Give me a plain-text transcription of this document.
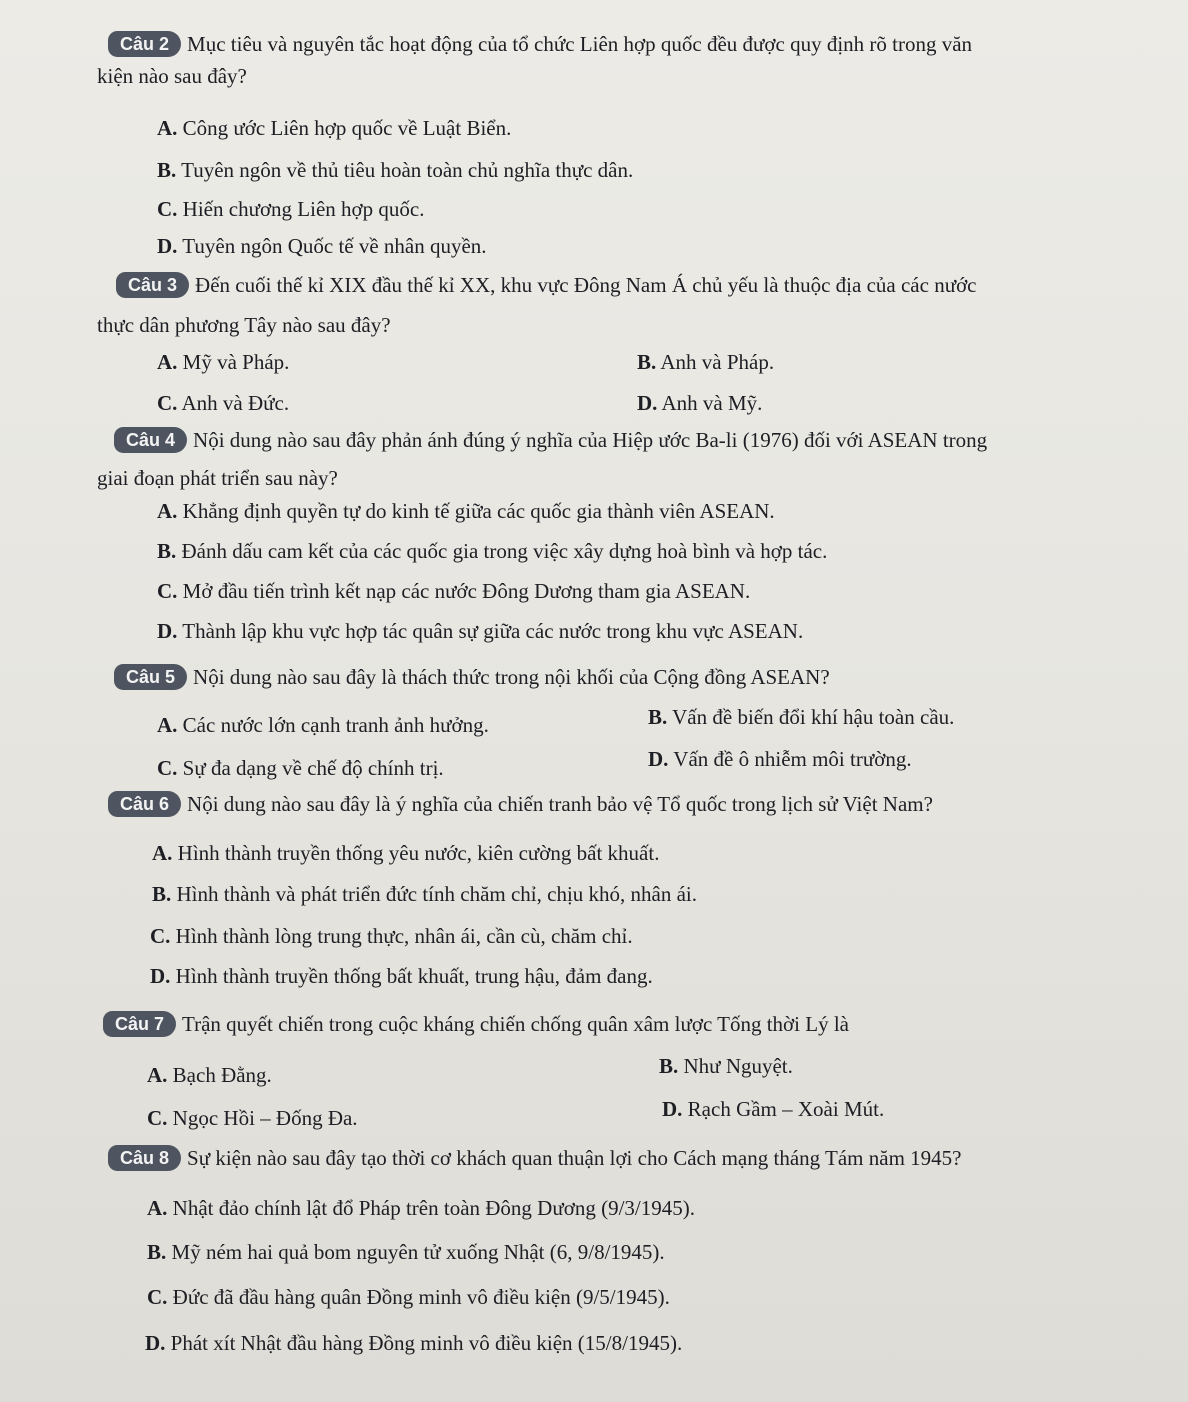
Câu 2 Mục tiêu và nguyên tắc hoạt động của tổ chức Liên hợp quốc đều được quy định rõ trong văn
kiện nào sau đây?
A. Công ước Liên hợp quốc về Luật Biển.
B. Tuyên ngôn về thủ tiêu hoàn toàn chủ nghĩa thực dân.
C. Hiến chương Liên hợp quốc.
D. Tuyên ngôn Quốc tế về nhân quyền.
Câu 3 Đến cuối thế kỉ XIX đầu thế kỉ XX, khu vực Đông Nam Á chủ yếu là thuộc địa của các nước
thực dân phương Tây nào sau đây?
A. Mỹ và Pháp.	B. Anh và Pháp.
C. Anh và Đức.	D. Anh và Mỹ.
Câu 4 Nội dung nào sau đây phản ánh đúng ý nghĩa của Hiệp ước Ba-li (1976) đối với ASEAN trong
giai đoạn phát triển sau này?
A. Khẳng định quyền tự do kinh tế giữa các quốc gia thành viên ASEAN.
B. Đánh dấu cam kết của các quốc gia trong việc xây dựng hoà bình và hợp tác.
C. Mở đầu tiến trình kết nạp các nước Đông Dương tham gia ASEAN.
D. Thành lập khu vực hợp tác quân sự giữa các nước trong khu vực ASEAN.
Câu 5 Nội dung nào sau đây là thách thức trong nội khối của Cộng đồng ASEAN?
A. Các nước lớn cạnh tranh ảnh hưởng.	B. Vấn đề biến đổi khí hậu toàn cầu.
C. Sự đa dạng về chế độ chính trị.	D. Vấn đề ô nhiễm môi trường.
Câu 6 Nội dung nào sau đây là ý nghĩa của chiến tranh bảo vệ Tổ quốc trong lịch sử Việt Nam?
A. Hình thành truyền thống yêu nước, kiên cường bất khuất.
B. Hình thành và phát triển đức tính chăm chỉ, chịu khó, nhân ái.
C. Hình thành lòng trung thực, nhân ái, cần cù, chăm chỉ.
D. Hình thành truyền thống bất khuất, trung hậu, đảm đang.
Câu 7 Trận quyết chiến trong cuộc kháng chiến chống quân xâm lược Tống thời Lý là
A. Bạch Đằng.	B. Như Nguyệt.
C. Ngọc Hồi – Đống Đa.	D. Rạch Gầm – Xoài Mút.
Câu 8 Sự kiện nào sau đây tạo thời cơ khách quan thuận lợi cho Cách mạng tháng Tám năm 1945?
A. Nhật đảo chính lật đổ Pháp trên toàn Đông Dương (9/3/1945).
B. Mỹ ném hai quả bom nguyên tử xuống Nhật (6, 9/8/1945).
C. Đức đã đầu hàng quân Đồng minh vô điều kiện (9/5/1945).
D. Phát xít Nhật đầu hàng Đồng minh vô điều kiện (15/8/1945).
